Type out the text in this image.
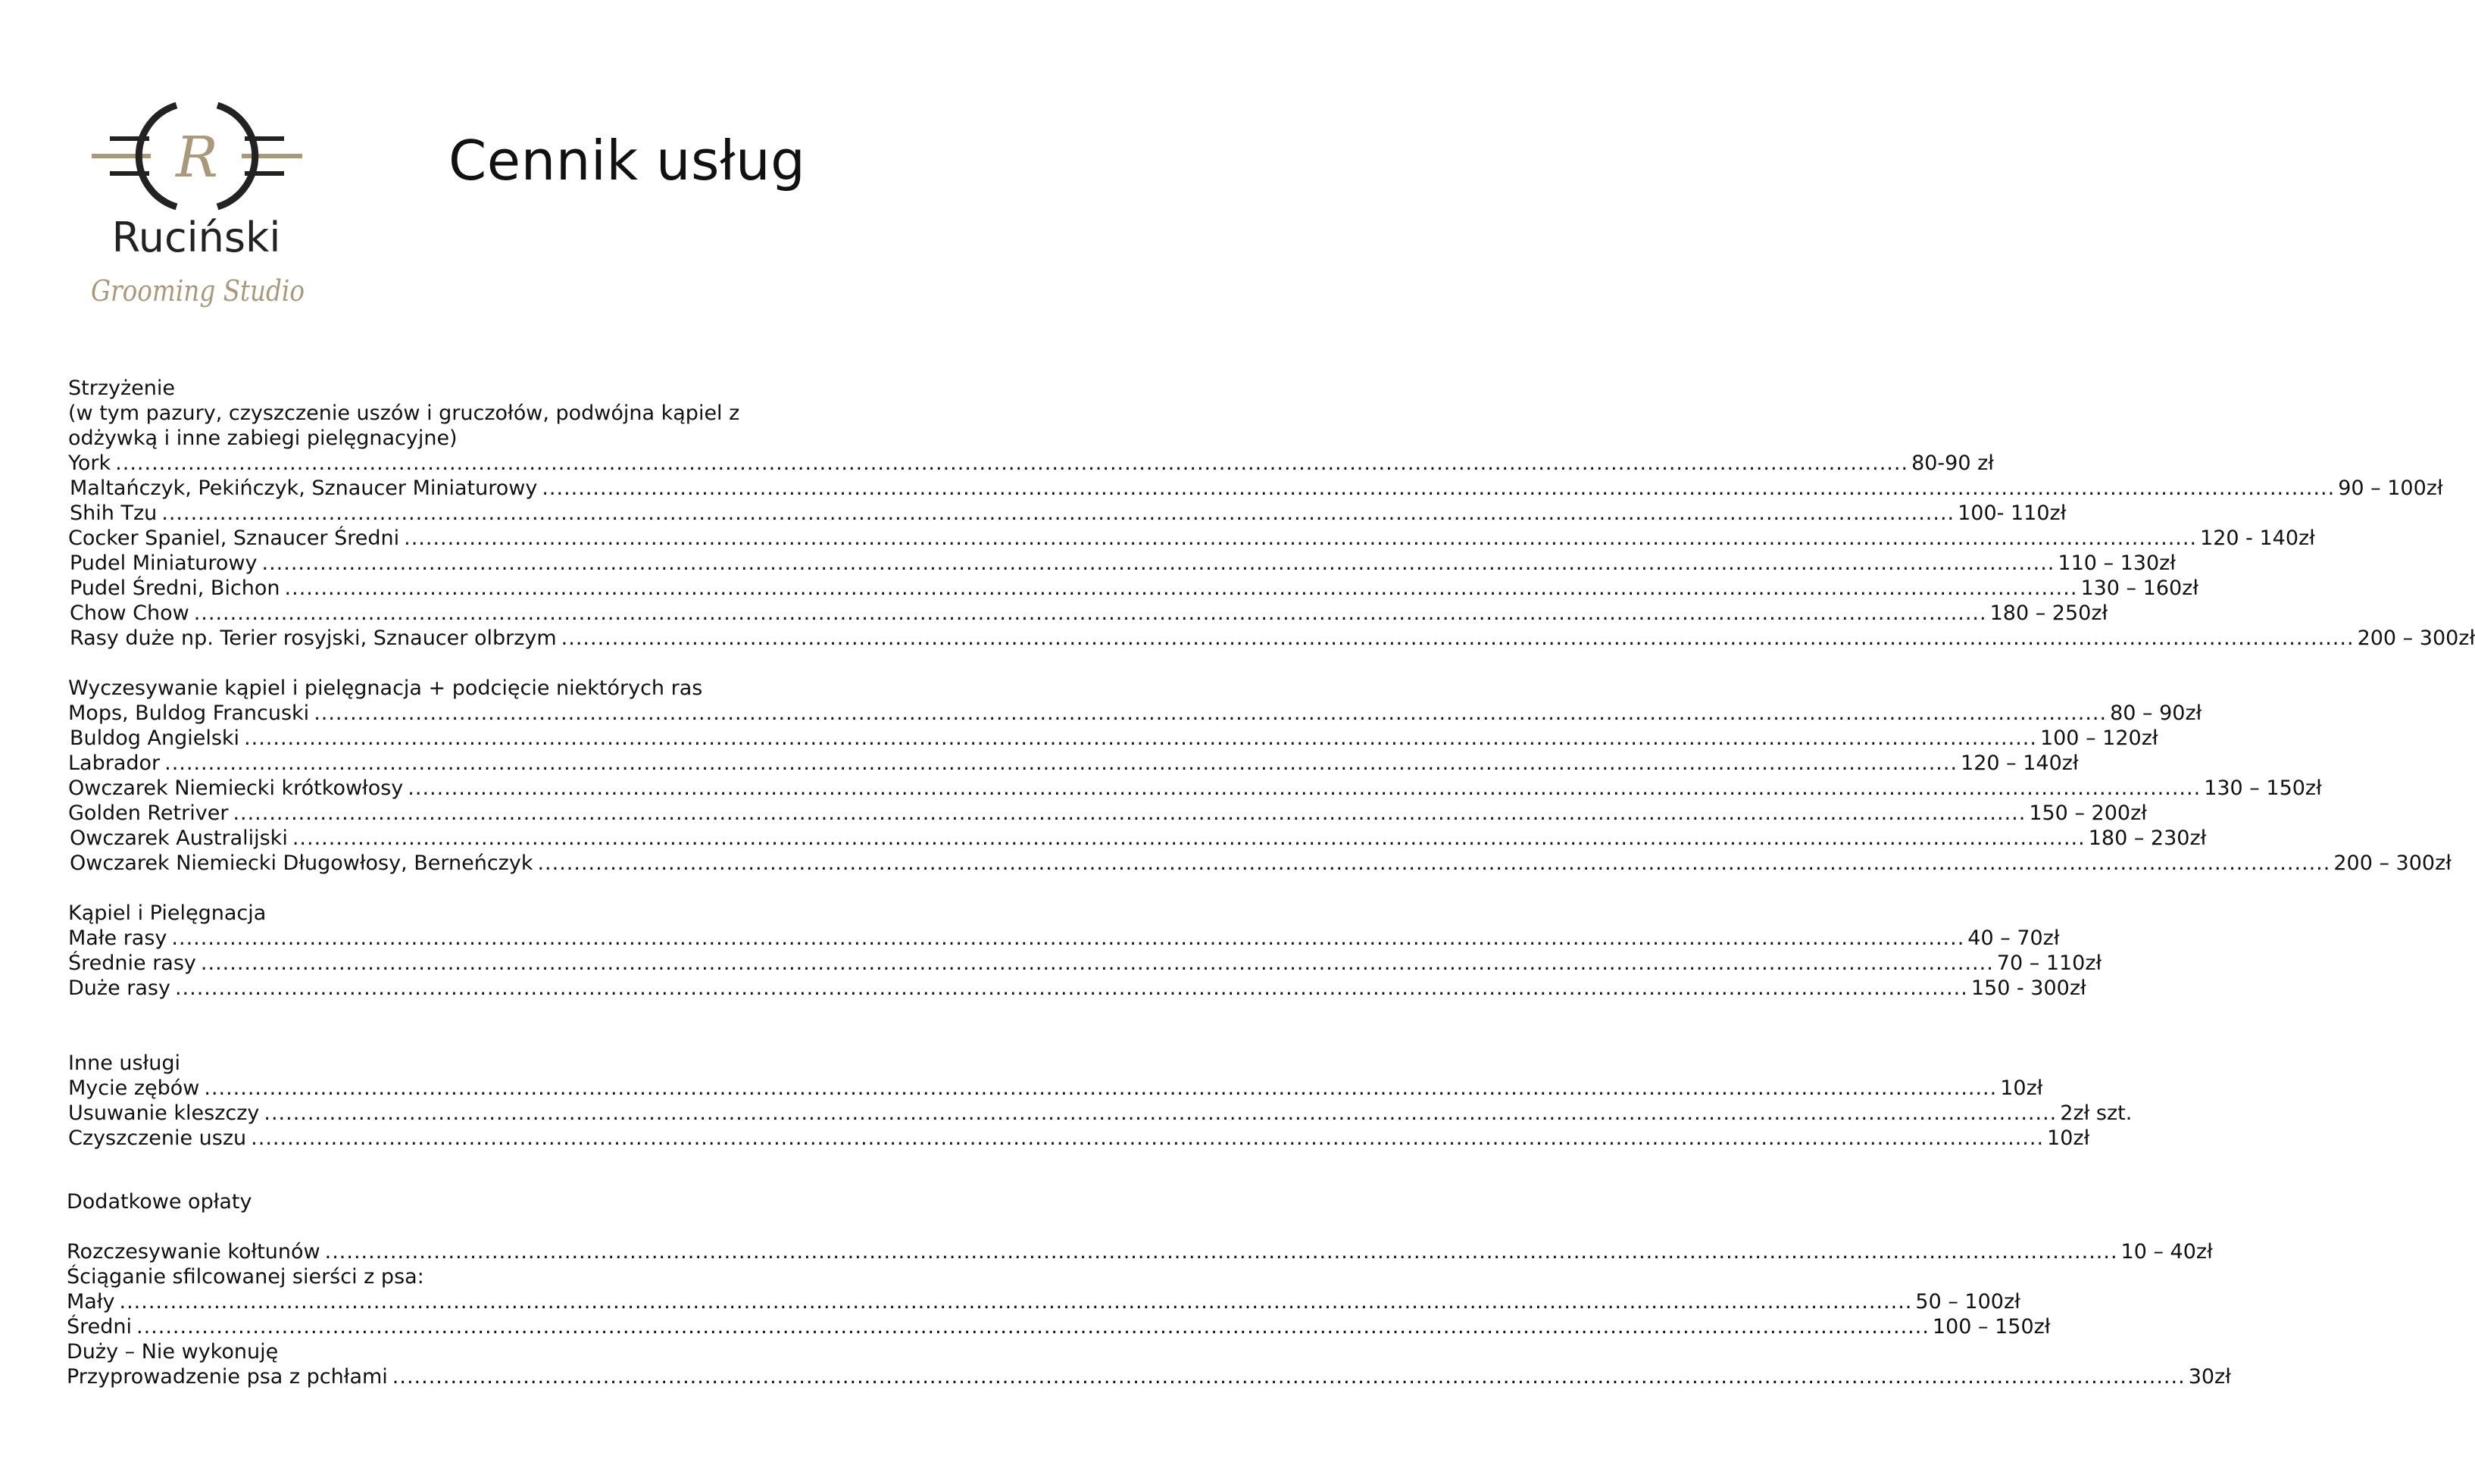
R
Ruciński
Grooming Studio
Cennik usług
Strzyżenie
(w tym pazury, czyszczenie uszów i gruczołów, podwójna kąpiel z
odżywką i inne zabiegi pielęgnacyjne)
York .....	80-90 zł
Maltańczyk, Pekińczyk, Sznaucer Miniaturowy .....	90 – 100zł
Shih Tzu .....	100- 110zł
Cocker Spaniel, Sznaucer Średni .....	120 - 140zł
Pudel Miniaturowy .....	110 – 130zł
Pudel Średni, Bichon .....	130 – 160zł
Chow Chow .....	180 – 250zł
Rasy duże np. Terier rosyjski, Sznaucer olbrzym .....	200 – 300zł
Wyczesywanie kąpiel i pielęgnacja + podcięcie niektórych ras
Mops, Buldog Francuski .....	80 – 90zł
Buldog Angielski .....	100 – 120zł
Labrador .....	120 – 140zł
Owczarek Niemiecki krótkowłosy .....	130 – 150zł
Golden Retriver .....	150 – 200zł
Owczarek Australijski .....	180 – 230zł
Owczarek Niemiecki Długowłosy, Berneńczyk .....	200 – 300zł
Kąpiel i Pielęgnacja
Małe rasy .....	40 – 70zł
Średnie rasy .....	70 – 110zł
Duże rasy .....	150 - 300zł
Inne usługi
Mycie zębów .....	10zł
Usuwanie kleszczy .....	2zł szt.
Czyszczenie uszu .....	10zł
Dodatkowe opłaty
Rozczesywanie kołtunów .....	10 – 40zł
Ściąganie sfilcowanej sierści z psa:
Mały .....	50 – 100zł
Średni .....	100 – 150zł
Duży – Nie wykonuję
Przyprowadzenie psa z pchłami .....	30zł
